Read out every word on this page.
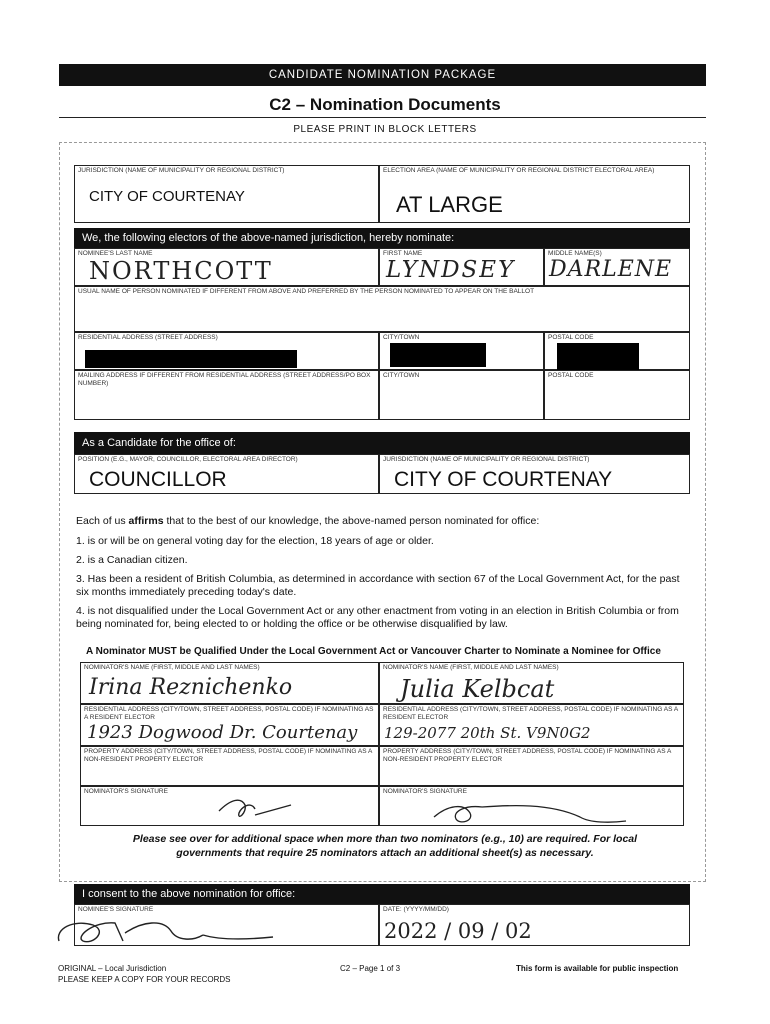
CANDIDATE NOMINATION PACKAGE
C2 – Nomination Documents
PLEASE PRINT IN BLOCK LETTERS
JURISDICTION (NAME OF MUNICIPALITY OR REGIONAL DISTRICT)
CITY OF COURTENAY
ELECTION AREA (NAME OF MUNICIPALITY OR REGIONAL DISTRICT ELECTORAL AREA)
AT LARGE
We, the following electors of the above-named jurisdiction, hereby nominate:
NOMINEE'S LAST NAME
NORTHCOTT
FIRST NAME
LYNDSEY
MIDDLE NAME(S)
DARLENE
USUAL NAME OF PERSON NOMINATED IF DIFFERENT FROM ABOVE AND PREFERRED BY THE PERSON NOMINATED TO APPEAR ON THE BALLOT
RESIDENTIAL ADDRESS (STREET ADDRESS)	CITY/TOWN	POSTAL CODE
MAILING ADDRESS IF DIFFERENT FROM RESIDENTIAL ADDRESS (STREET ADDRESS/PO BOX NUMBER)
CITY/TOWN	POSTAL CODE
As a Candidate for the office of:
POSITION (E.G., MAYOR, COUNCILLOR, ELECTORAL AREA DIRECTOR)
COUNCILLOR
JURISDICTION (NAME OF MUNICIPALITY OR REGIONAL DISTRICT)
CITY OF COURTENAY
Each of us affirms that to the best of our knowledge, the above-named person nominated for office:
1. is or will be on general voting day for the election, 18 years of age or older.
2. is a Canadian citizen.
3. Has been a resident of British Columbia, as determined in accordance with section 67 of the Local Government Act, for the past six months immediately preceding today's date.
4. is not disqualified under the Local Government Act or any other enactment from voting in an election in British Columbia or from being nominated for, being elected to or holding the office or be otherwise disqualified by law.
A Nominator MUST be Qualified Under the Local Government Act or Vancouver Charter to Nominate a Nominee for Office
NOMINATOR'S NAME (FIRST, MIDDLE AND LAST NAMES)
Irina Reznichenko
NOMINATOR'S NAME (FIRST, MIDDLE AND LAST NAMES)
Julia Kelbcat
RESIDENTIAL ADDRESS (CITY/TOWN, STREET ADDRESS, POSTAL CODE) IF NOMINATING AS A RESIDENT ELECTOR
1923 Dogwood Dr. Courtenay
RESIDENTIAL ADDRESS (CITY/TOWN, STREET ADDRESS, POSTAL CODE) IF NOMINATING AS A RESIDENT ELECTOR
129-2077 20th St. V9N0G2
PROPERTY ADDRESS (CITY/TOWN, STREET ADDRESS, POSTAL CODE) IF NOMINATING AS A NON-RESIDENT PROPERTY ELECTOR
PROPERTY ADDRESS (CITY/TOWN, STREET ADDRESS, POSTAL CODE) IF NOMINATING AS A NON-RESIDENT PROPERTY ELECTOR
NOMINATOR'S SIGNATURE	NOMINATOR'S SIGNATURE
Please see over for additional space when more than two nominators (e.g., 10) are required. For local governments that require 25 nominators attach an additional sheet(s) as necessary.
I consent to the above nomination for office:
NOMINEE'S SIGNATURE	DATE: (YYYY/MM/DD)
2022 / 09 / 02
ORIGINAL – Local Jurisdiction
PLEASE KEEP A COPY FOR YOUR RECORDS
C2 – Page 1 of 3	This form is available for public inspection
